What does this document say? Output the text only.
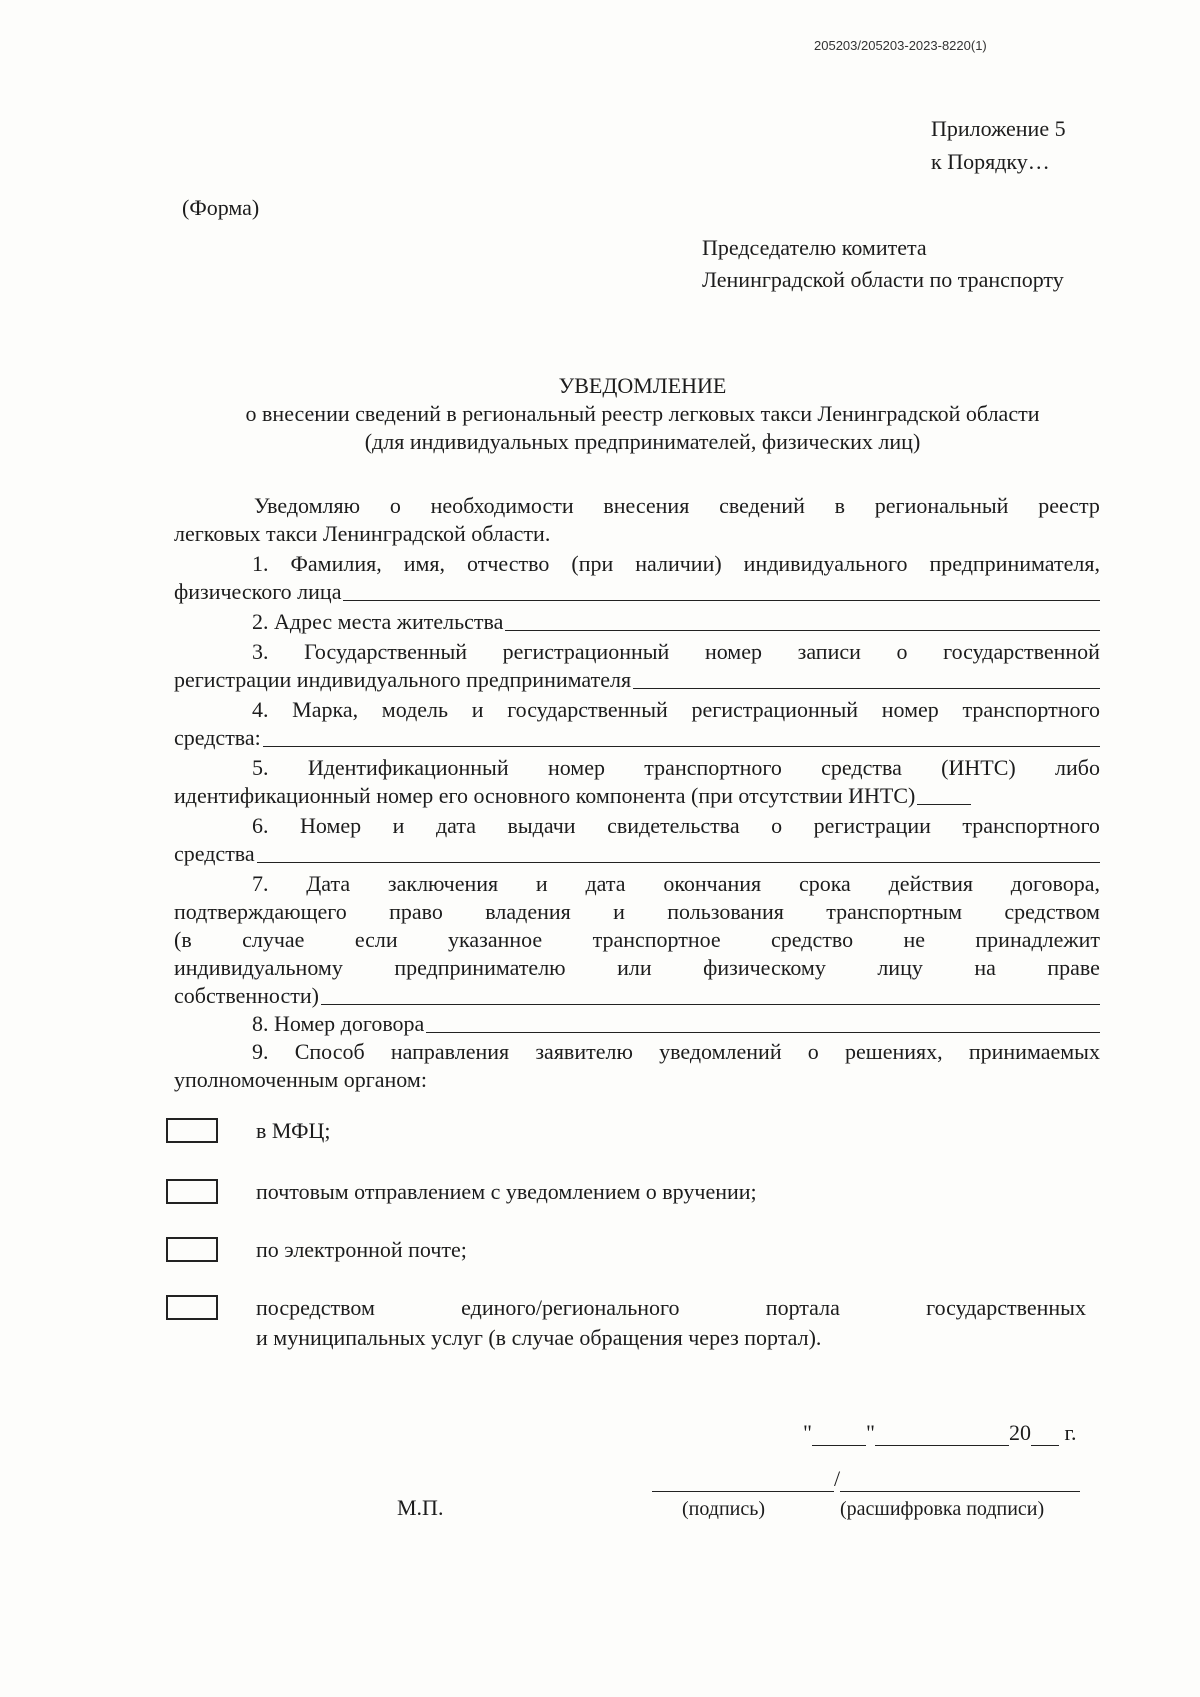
205203/205203-2023-8220(1)
Приложение 5
к Порядку…
(Форма)
Председателю комитета
Ленинградской области по транспорту
УВЕДОМЛЕНИЕ
о внесении сведений в региональный реестр легковых такси Ленинградской области
(для индивидуальных предпринимателей, физических лиц)
Уведомляю о необходимости внесения сведений в региональный реестр
легковых такси Ленинградской области.
1. Фамилия, имя, отчество (при наличии) индивидуального предпринимателя,
физического лица
2. Адрес места жительства
3. Государственный регистрационный номер записи о государственной
регистрации индивидуального предпринимателя
4. Марка, модель и государственный регистрационный номер транспортного
средства:
5. Идентификационный номер транспортного средства (ИНТС) либо
идентификационный номер его основного компонента (при отсутствии ИНТС)
6. Номер и дата выдачи свидетельства о регистрации транспортного
средства
7. Дата заключения и дата окончания срока действия договора,
подтверждающего право владения и пользования транспортным средством
(в случае если указанное транспортное средство не принадлежит
индивидуальному предпринимателю или физическому лицу на праве
собственности)
8. Номер договора
9. Способ направления заявителю уведомлений о решениях, принимаемых
уполномоченным органом:
в МФЦ;
почтовым отправлением с уведомлением о вручении;
по электронной почте;
посредством	единого/регионального	портала	государственных
и муниципальных услуг (в случае обращения через портал).
" "	20 г.
/
М.П.	(подпись)	(расшифровка подписи)
